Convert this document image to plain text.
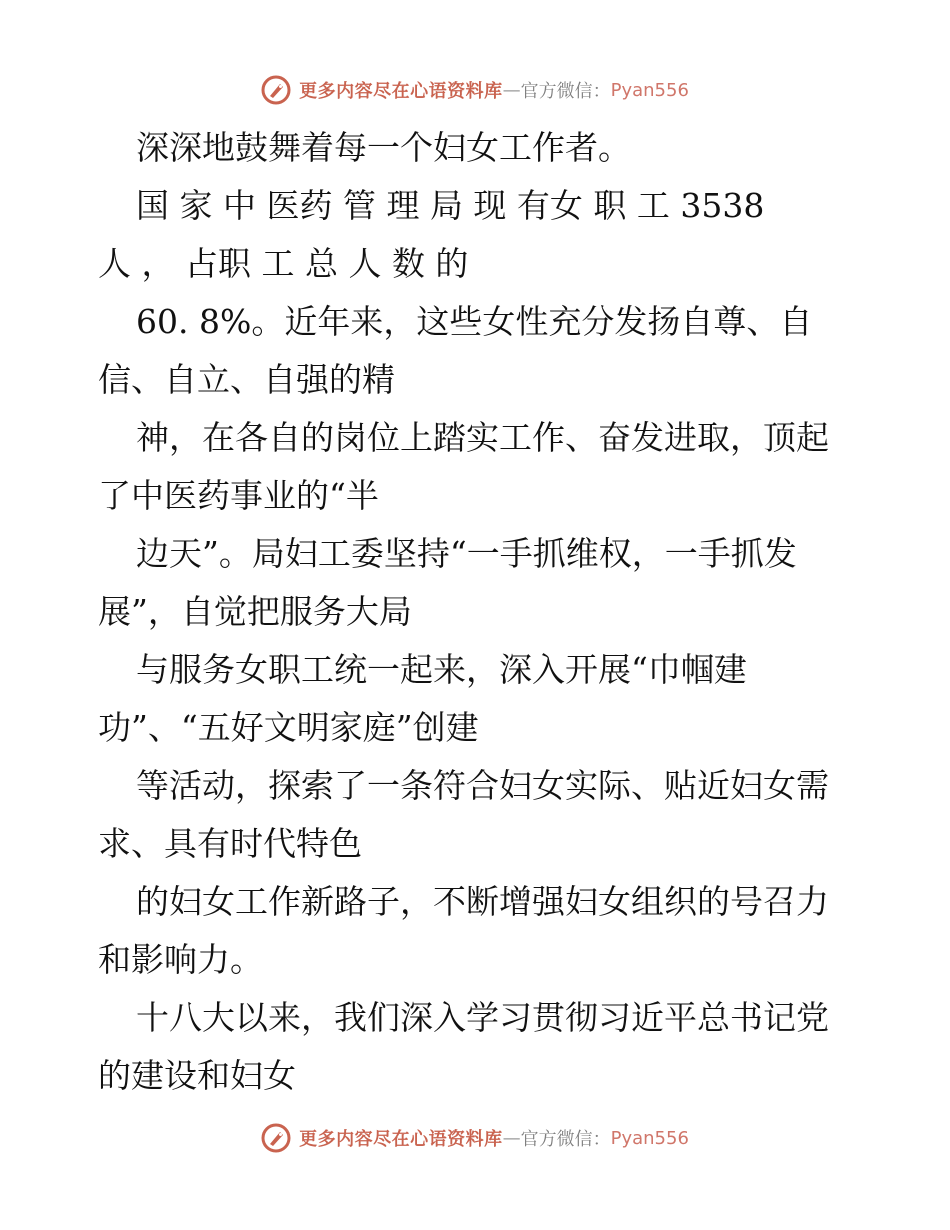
更多内容尽在心语资料库 — 官方微信： Pyan556
深深地鼓舞着每一个妇女工作者。
国 家 中 医药 管 理 局 现 有女 职 工 3538
人 ， 占职 工 总 人 数 的
60. 8%。近年来，这些女性充分发扬自尊、自
信、自立、自强的精
神，在各自的岗位上踏实工作、奋发进取，顶起
了中医药事业的“半
边天”。局妇工委坚持“一手抓维权，一手抓发
展”，自觉把服务大局
与服务女职工统一起来，深入开展“巾帼建
功”、“五好文明家庭”创建
等活动，探索了一条符合妇女实际、贴近妇女需
求、具有时代特色
的妇女工作新路子，不断增强妇女组织的号召力
和影响力。
十八大以来，我们深入学习贯彻习近平总书记党
的建设和妇女
更多内容尽在心语资料库 — 官方微信： Pyan556
